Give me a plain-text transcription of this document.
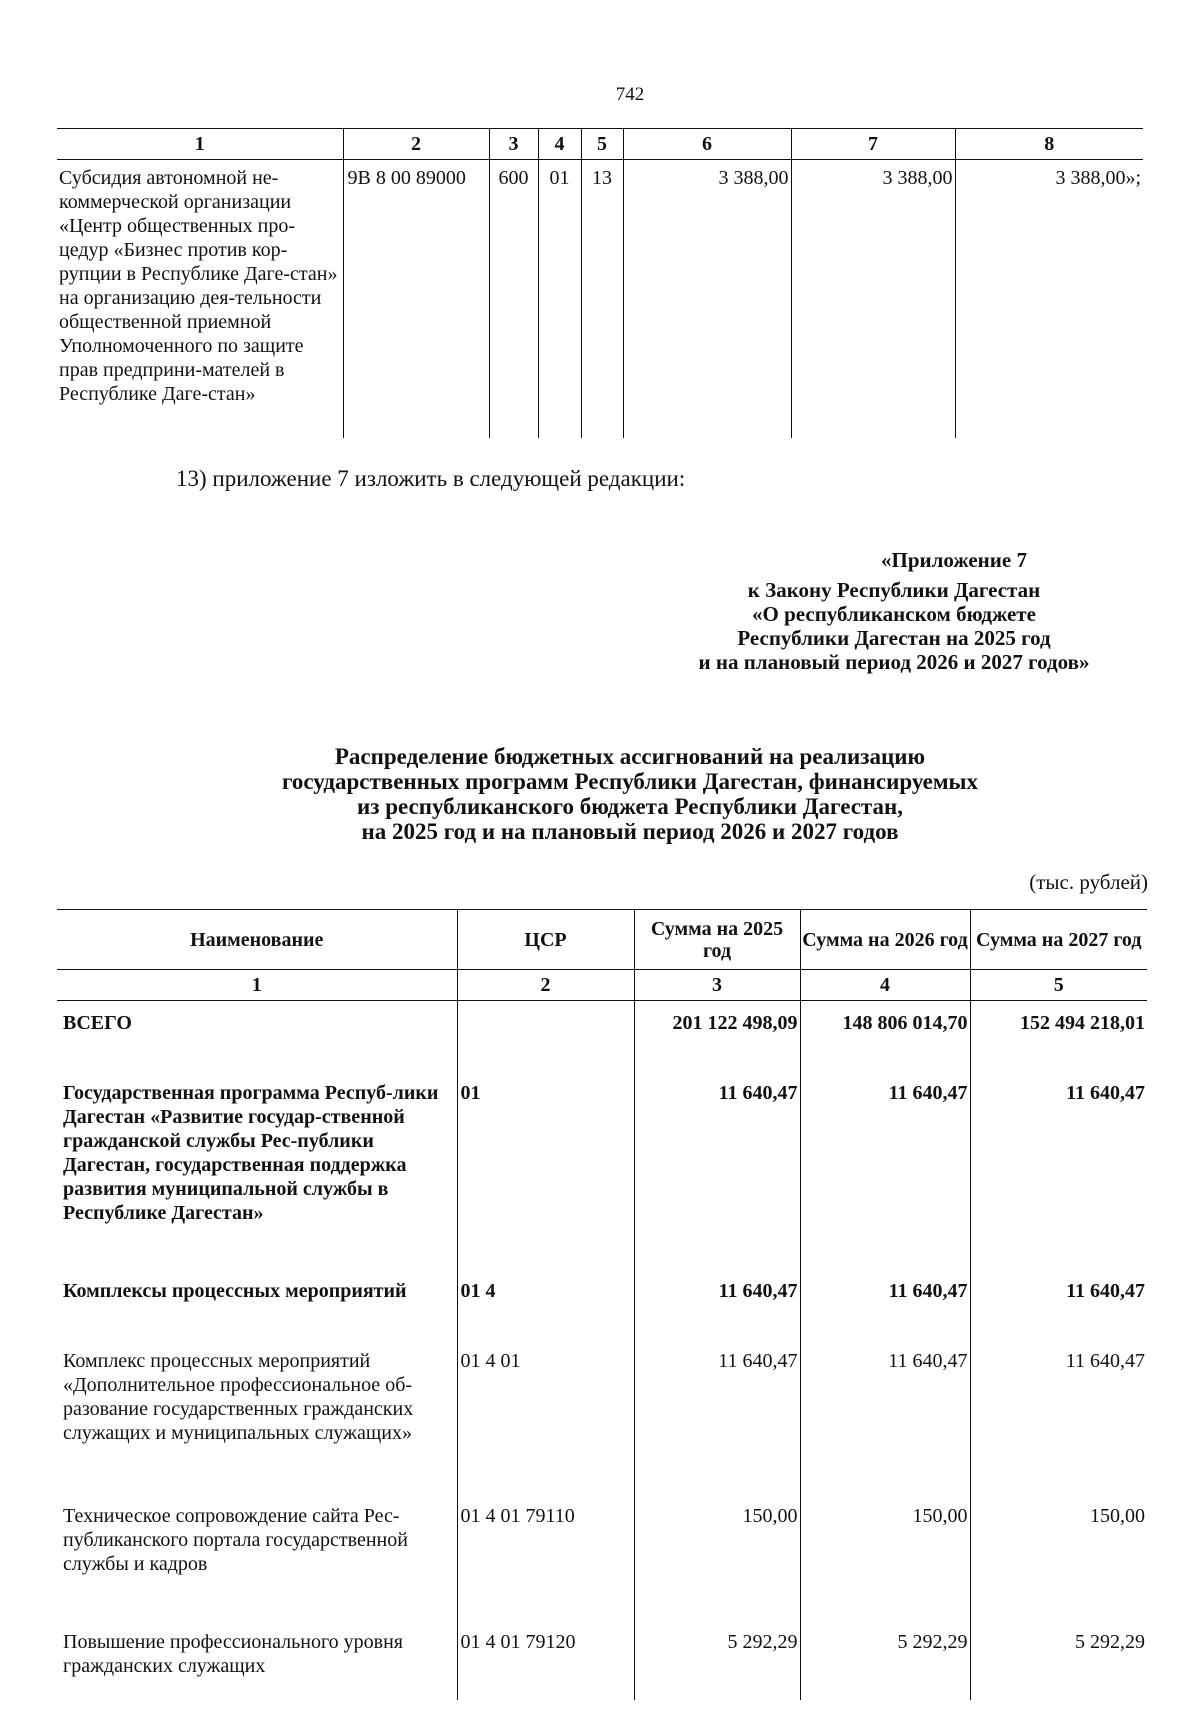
742
1	2	3	4	5	6	7	8
Субсидия автономной не-коммерческой организации «Центр общественных про-цедур «Бизнес против кор-рупции в Республике Даге-стан» на организацию дея-тельности общественной приемной Уполномоченного по защите прав предприни-мателей в Республике Даге-стан»	9В 8 00 89000	600	01	13	3 388,00	3 388,00	3 388,00»;
13) приложение 7 изложить в следующей редакции:
«Приложение 7
к Закону Республики Дагестан
«О республиканском бюджете
Республики Дагестан на 2025 год
и на плановый период 2026 и 2027 годов»
Распределение бюджетных ассигнований на реализацию
государственных программ Республики Дагестан, финансируемых
из республиканского бюджета Республики Дагестан,
на 2025 год и на плановый период 2026 и 2027 годов
(тыс. рублей)
Наименование	ЦСР	Сумма на 2025 год	Сумма на 2026 год	Сумма на 2027 год
1	2	3	4	5
ВСЕГО		201 122 498,09	148 806 014,70	152 494 218,01
Государственная программа Респуб-лики Дагестан «Развитие государ-ственной гражданской службы Рес-публики Дагестан, государственная поддержка развития муниципальной службы в Республике Дагестан»	01	11 640,47	11 640,47	11 640,47
Комплексы процессных мероприятий	01 4	11 640,47	11 640,47	11 640,47
Комплекс процессных мероприятий «Дополнительное профессиональное об-разование государственных гражданских служащих и муниципальных служащих»	01 4 01	11 640,47	11 640,47	11 640,47
Техническое сопровождение сайта Рес-публиканского портала государственной службы и кадров	01 4 01 79110	150,00	150,00	150,00
Повышение профессионального уровня гражданских служащих	01 4 01 79120	5 292,29	5 292,29	5 292,29
